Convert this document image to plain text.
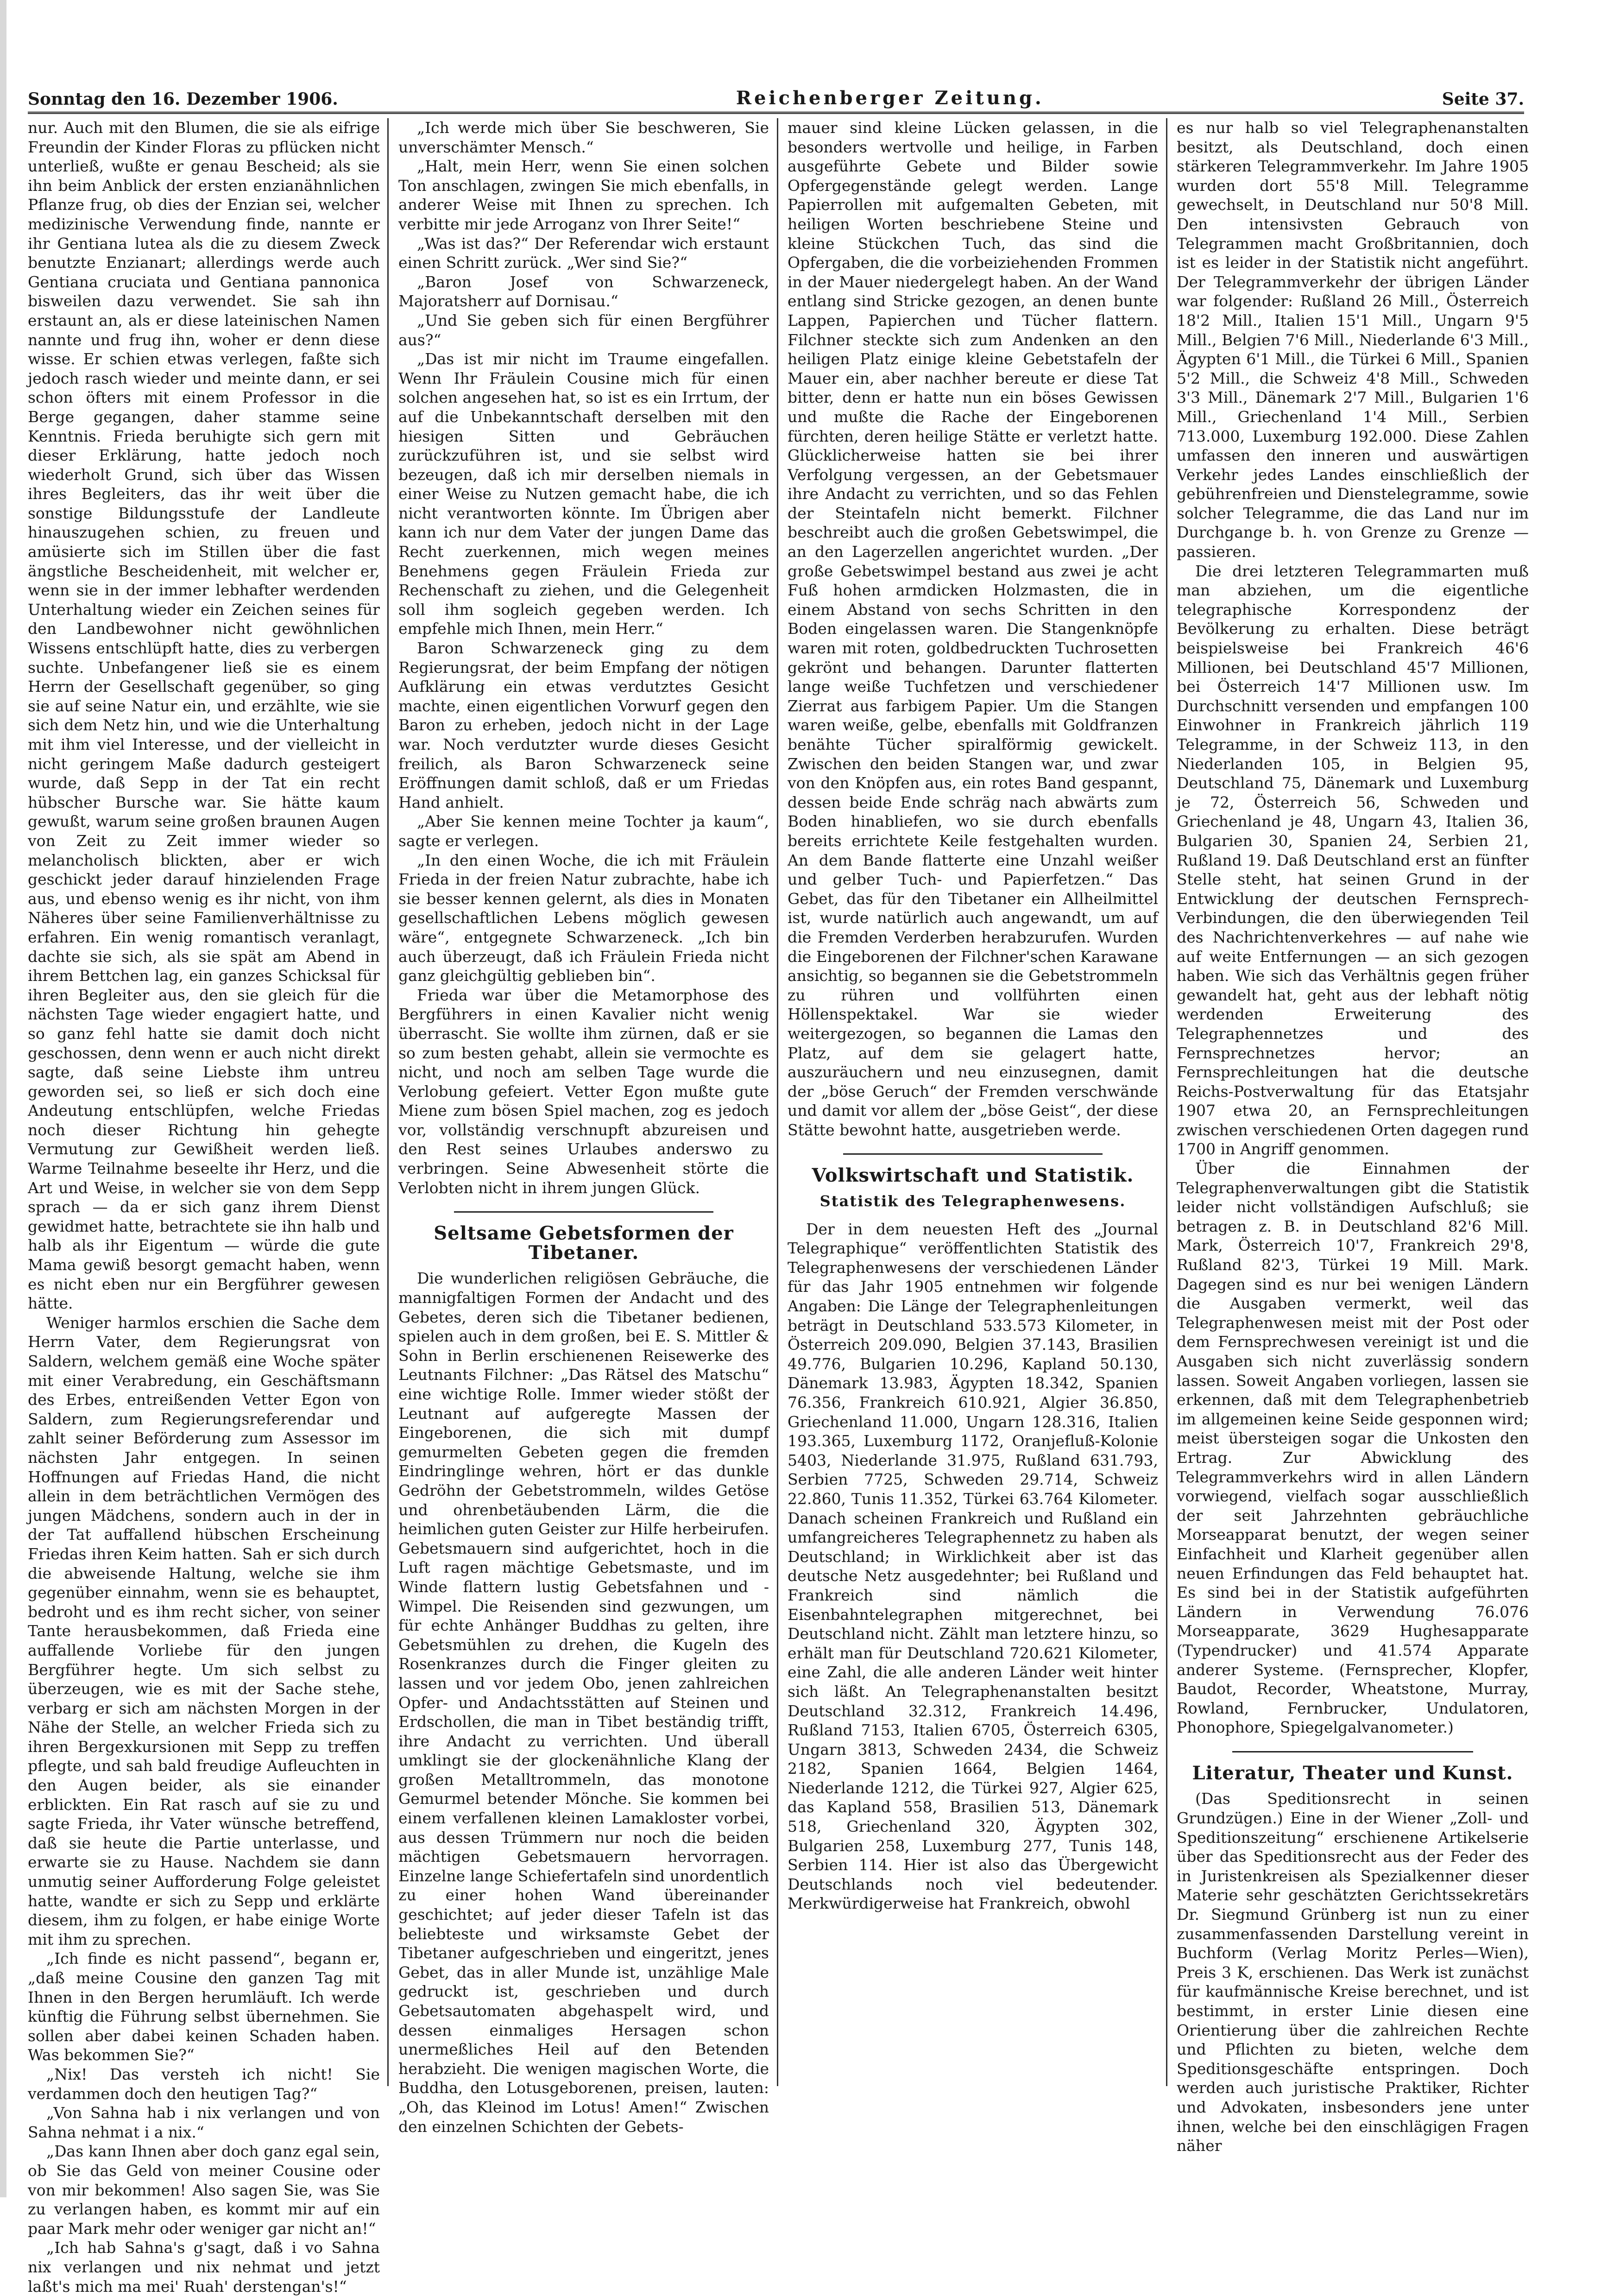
Sonntag den 16. Dezember 1906.	Reichenberger Zeitung.	Seite 37.

nur. Auch mit den Blumen, die sie als eifrige Freundin der Kinder Floras zu pflücken nicht unterließ, wußte er genau Bescheid; als sie ihn beim Anblick der ersten enzianähnlichen Pflanze frug, ob dies der Enzian sei, welcher medizinische Verwendung finde, nannte er ihr Gentiana lutea als die zu diesem Zweck benutzte Enzianart; allerdings werde auch Gentiana cruciata und Gentiana pannonica bisweilen dazu verwendet. Sie sah ihn erstaunt an, als er diese lateinischen Namen nannte und frug ihn, woher er denn diese wisse. Er schien etwas verlegen, faßte sich jedoch rasch wieder und meinte dann, er sei schon öfters mit einem Professor in die Berge gegangen, daher stamme seine Kenntnis. Frieda beruhigte sich gern mit dieser Erklärung, hatte jedoch noch wiederholt Grund, sich über das Wissen ihres Begleiters, das ihr weit über die sonstige Bildungsstufe der Landleute hinauszugehen schien, zu freuen und amüsierte sich im Stillen über die fast ängstliche Bescheidenheit, mit welcher er, wenn sie in der immer lebhafter werdenden Unterhaltung wieder ein Zeichen seines für den Landbewohner nicht gewöhnlichen Wissens entschlüpft hatte, dies zu verbergen suchte. Unbefangener ließ sie es einem Herrn der Gesellschaft gegenüber, so ging sie auf seine Natur ein, und erzählte, wie sie sich dem Netz hin, und wie die Unterhaltung mit ihm viel Interesse, und der vielleicht in nicht geringem Maße dadurch gesteigert wurde, daß Sepp in der Tat ein recht hübscher Bursche war. Sie hätte kaum gewußt, warum seine großen braunen Augen von Zeit zu Zeit immer wieder so melancholisch blickten, aber er wich geschickt jeder darauf hinzielenden Frage aus, und ebenso wenig es ihr nicht, von ihm Näheres über seine Familienverhältnisse zu erfahren. Ein wenig romantisch veranlagt, dachte sie sich, als sie spät am Abend in ihrem Bettchen lag, ein ganzes Schicksal für ihren Begleiter aus, den sie gleich für die nächsten Tage wieder engagiert hatte, und so ganz fehl hatte sie damit doch nicht geschossen, denn wenn er auch nicht direkt sagte, daß seine Liebste ihm untreu geworden sei, so ließ er sich doch eine Andeutung entschlüpfen, welche Friedas noch dieser Richtung hin gehegte Vermutung zur Gewißheit werden ließ. Warme Teilnahme beseelte ihr Herz, und die Art und Weise, in welcher sie von dem Sepp sprach — da er sich ganz ihrem Dienst gewidmet hatte, betrachtete sie ihn halb und halb als ihr Eigentum — würde die gute Mama gewiß besorgt gemacht haben, wenn es nicht eben nur ein Bergführer gewesen hätte.

Weniger harmlos erschien die Sache dem Herrn Vater, dem Regierungsrat von Saldern, welchem gemäß eine Woche später mit einer Verabredung, ein Geschäftsmann des Erbes, entreißenden Vetter Egon von Saldern, zum Regierungsreferendar und zahlt seiner Beförderung zum Assessor im nächsten Jahr entgegen. In seinen Hoffnungen auf Friedas Hand, die nicht allein in dem beträchtlichen Vermögen des jungen Mädchens, sondern auch in der in der Tat auffallend hübschen Erscheinung Friedas ihren Keim hatten. Sah er sich durch die abweisende Haltung, welche sie ihm gegenüber einnahm, wenn sie es behauptet, bedroht und es ihm recht sicher, von seiner Tante herausbekommen, daß Frieda eine auffallende Vorliebe für den jungen Bergführer hegte. Um sich selbst zu überzeugen, wie es mit der Sache stehe, verbarg er sich am nächsten Morgen in der Nähe der Stelle, an welcher Frieda sich zu ihren Bergexkursionen mit Sepp zu treffen pflegte, und sah bald freudige Aufleuchten in den Augen beider, als sie einander erblickten. Ein Rat rasch auf sie zu und sagte Frieda, ihr Vater wünsche betreffend, daß sie heute die Partie unterlasse, und erwarte sie zu Hause. Nachdem sie dann unmutig seiner Aufforderung Folge geleistet hatte, wandte er sich zu Sepp und erklärte diesem, ihm zu folgen, er habe einige Worte mit ihm zu sprechen.

„Ich finde es nicht passend“, begann er, „daß meine Cousine den ganzen Tag mit Ihnen in den Bergen herumläuft. Ich werde künftig die Führung selbst übernehmen. Sie sollen aber dabei keinen Schaden haben. Was bekommen Sie?“

„Nix! Das versteh ich nicht! Sie verdammen doch den heutigen Tag?“

„Von Sahna hab i nix verlangen und von Sahna nehmat i a nix.“

„Das kann Ihnen aber doch ganz egal sein, ob Sie das Geld von meiner Cousine oder von mir bekommen! Also sagen Sie, was Sie zu verlangen haben, es kommt mir auf ein paar Mark mehr oder weniger gar nicht an!“

„Ich hab Sahna's g'sagt, daß i vo Sahna nix verlangen und nix nehmat und jetzt laßt's mich ma mei' Ruah' derstengan's!“

„Ich werde mich über Sie beschweren, Sie unverschämter Mensch.“

„Halt, mein Herr, wenn Sie einen solchen Ton anschlagen, zwingen Sie mich ebenfalls, in anderer Weise mit Ihnen zu sprechen. Ich verbitte mir jede Arroganz von Ihrer Seite!“

„Was ist das?“ Der Referendar wich erstaunt einen Schritt zurück. „Wer sind Sie?“

„Baron Josef von Schwarzeneck, Majoratsherr auf Dornisau.“

„Und Sie geben sich für einen Bergführer aus?“

„Das ist mir nicht im Traume eingefallen. Wenn Ihr Fräulein Cousine mich für einen solchen angesehen hat, so ist es ein Irrtum, der auf die Unbekanntschaft derselben mit den hiesigen Sitten und Gebräuchen zurückzuführen ist, und sie selbst wird bezeugen, daß ich mir derselben niemals in einer Weise zu Nutzen gemacht habe, die ich nicht verantworten könnte. Im Übrigen aber kann ich nur dem Vater der jungen Dame das Recht zuerkennen, mich wegen meines Benehmens gegen Fräulein Frieda zur Rechenschaft zu ziehen, und die Gelegenheit soll ihm sogleich gegeben werden. Ich empfehle mich Ihnen, mein Herr.“

Baron Schwarzeneck ging zu dem Regierungsrat, der beim Empfang der nötigen Aufklärung ein etwas verdutztes Gesicht machte, einen eigentlichen Vorwurf gegen den Baron zu erheben, jedoch nicht in der Lage war. Noch verdutzter wurde dieses Gesicht freilich, als Baron Schwarzeneck seine Eröffnungen damit schloß, daß er um Friedas Hand anhielt.

„Aber Sie kennen meine Tochter ja kaum“, sagte er verlegen.

„In den einen Woche, die ich mit Fräulein Frieda in der freien Natur zubrachte, habe ich sie besser kennen gelernt, als dies in Monaten gesellschaftlichen Lebens möglich gewesen wäre“, entgegnete Schwarzeneck. „Ich bin auch überzeugt, daß ich Fräulein Frieda nicht ganz gleichgültig geblieben bin“.

Frieda war über die Metamorphose des Bergführers in einen Kavalier nicht wenig überrascht. Sie wollte ihm zürnen, daß er sie so zum besten gehabt, allein sie vermochte es nicht, und noch am selben Tage wurde die Verlobung gefeiert. Vetter Egon mußte gute Miene zum bösen Spiel machen, zog es jedoch vor, vollständig verschnupft abzureisen und den Rest seines Urlaubes anderswo zu verbringen. Seine Abwesenheit störte die Verlobten nicht in ihrem jungen Glück.

Seltsame Gebetsformen der Tibetaner.

Die wunderlichen religiösen Gebräuche, die mannigfaltigen Formen der Andacht und des Gebetes, deren sich die Tibetaner bedienen, spielen auch in dem großen, bei E. S. Mittler & Sohn in Berlin erschienenen Reisewerke des Leutnants Filchner: „Das Rätsel des Matschu“ eine wichtige Rolle. Immer wieder stößt der Leutnant auf aufgeregte Massen der Eingeborenen, die sich mit dumpf gemurmelten Gebeten gegen die fremden Eindringlinge wehren, hört er das dunkle Gedröhn der Gebetstrommeln, wildes Getöse und ohrenbetäubenden Lärm, die die heimlichen guten Geister zur Hilfe herbeirufen. Gebetsmauern sind aufgerichtet, hoch in die Luft ragen mächtige Gebetsmaste, und im Winde flattern lustig Gebetsfahnen und -Wimpel. Die Reisenden sind gezwungen, um für echte Anhänger Buddhas zu gelten, ihre Gebetsmühlen zu drehen, die Kugeln des Rosenkranzes durch die Finger gleiten zu lassen und vor jedem Obo, jenen zahlreichen Opfer- und Andachtsstätten auf Steinen und Erdschollen, die man in Tibet beständig trifft, ihre Andacht zu verrichten. Und überall umklingt sie der glockenähnliche Klang der großen Metalltrommeln, das monotone Gemurmel betender Mönche. Sie kommen bei einem verfallenen kleinen Lamakloster vorbei, aus dessen Trümmern nur noch die beiden mächtigen Gebetsmauern hervorragen. Einzelne lange Schiefertafeln sind unordentlich zu einer hohen Wand übereinander geschichtet; auf jeder dieser Tafeln ist das beliebteste und wirksamste Gebet der Tibetaner aufgeschrieben und eingeritzt, jenes Gebet, das in aller Munde ist, unzählige Male gedruckt ist, geschrieben und durch Gebetsautomaten abgehaspelt wird, und dessen einmaliges Hersagen schon unermeßliches Heil auf den Betenden herabzieht. Die wenigen magischen Worte, die Buddha, den Lotusgeborenen, preisen, lauten: „Oh, das Kleinod im Lotus! Amen!“ Zwischen den einzelnen Schichten der Gebets-

mauer sind kleine Lücken gelassen, in die besonders wertvolle und heilige, in Farben ausgeführte Gebete und Bilder sowie Opfergegenstände gelegt werden. Lange Papierrollen mit aufgemalten Gebeten, mit heiligen Worten beschriebene Steine und kleine Stückchen Tuch, das sind die Opfergaben, die die vorbeiziehenden Frommen in der Mauer niedergelegt haben. An der Wand entlang sind Stricke gezogen, an denen bunte Lappen, Papierchen und Tücher flattern. Filchner steckte sich zum Andenken an den heiligen Platz einige kleine Gebetstafeln der Mauer ein, aber nachher bereute er diese Tat bitter, denn er hatte nun ein böses Gewissen und mußte die Rache der Eingeborenen fürchten, deren heilige Stätte er verletzt hatte. Glücklicherweise hatten sie bei ihrer Verfolgung vergessen, an der Gebetsmauer ihre Andacht zu verrichten, und so das Fehlen der Steintafeln nicht bemerkt. Filchner beschreibt auch die großen Gebetswimpel, die an den Lagerzellen angerichtet wurden. „Der große Gebetswimpel bestand aus zwei je acht Fuß hohen armdicken Holzmasten, die in einem Abstand von sechs Schritten in den Boden eingelassen waren. Die Stangenknöpfe waren mit roten, goldbedruckten Tuchrosetten gekrönt und behangen. Darunter flatterten lange weiße Tuchfetzen und verschiedener Zierrat aus farbigem Papier. Um die Stangen waren weiße, gelbe, ebenfalls mit Goldfranzen benähte Tücher spiralförmig gewickelt. Zwischen den beiden Stangen war, und zwar von den Knöpfen aus, ein rotes Band gespannt, dessen beide Ende schräg nach abwärts zum Boden hinabliefen, wo sie durch ebenfalls bereits errichtete Keile festgehalten wurden. An dem Bande flatterte eine Unzahl weißer und gelber Tuch- und Papierfetzen.“ Das Gebet, das für den Tibetaner ein Allheilmittel ist, wurde natürlich auch angewandt, um auf die Fremden Verderben herabzurufen. Wurden die Eingeborenen der Filchner'schen Karawane ansichtig, so begannen sie die Gebetstrommeln zu rühren und vollführten einen Höllenspektakel. War sie wieder weitergezogen, so begannen die Lamas den Platz, auf dem sie gelagert hatte, auszuräuchern und neu einzusegnen, damit der „böse Geruch“ der Fremden verschwände und damit vor allem der „böse Geist“, der diese Stätte bewohnt hatte, ausgetrieben werde.

Volkswirtschaft und Statistik.
Statistik des Telegraphenwesens.

Der in dem neuesten Heft des „Journal Telegraphique“ veröffentlichten Statistik des Telegraphenwesens der verschiedenen Länder für das Jahr 1905 entnehmen wir folgende Angaben: Die Länge der Telegraphenleitungen beträgt in Deutschland 533.573 Kilometer, in Österreich 209.090, Belgien 37.143, Brasilien 49.776, Bulgarien 10.296, Kapland 50.130, Dänemark 13.983, Ägypten 18.342, Spanien 76.356, Frankreich 610.921, Algier 36.850, Griechenland 11.000, Ungarn 128.316, Italien 193.365, Luxemburg 1172, Oranjefluß-Kolonie 5403, Niederlande 31.975, Rußland 631.793, Serbien 7725, Schweden 29.714, Schweiz 22.860, Tunis 11.352, Türkei 63.764 Kilometer. Danach scheinen Frankreich und Rußland ein umfangreicheres Telegraphennetz zu haben als Deutschland; in Wirklichkeit aber ist das deutsche Netz ausgedehnter; bei Rußland und Frankreich sind nämlich die Eisenbahntelegraphen mitgerechnet, bei Deutschland nicht. Zählt man letztere hinzu, so erhält man für Deutschland 720.621 Kilometer, eine Zahl, die alle anderen Länder weit hinter sich läßt. An Telegraphenanstalten besitzt Deutschland 32.312, Frankreich 14.496, Rußland 7153, Italien 6705, Österreich 6305, Ungarn 3813, Schweden 2434, die Schweiz 2182, Spanien 1664, Belgien 1464, Niederlande 1212, die Türkei 927, Algier 625, das Kapland 558, Brasilien 513, Dänemark 518, Griechenland 320, Ägypten 302, Bulgarien 258, Luxemburg 277, Tunis 148, Serbien 114. Hier ist also das Übergewicht Deutschlands noch viel bedeutender. Merkwürdigerweise hat Frankreich, obwohl

es nur halb so viel Telegraphenanstalten besitzt, als Deutschland, doch einen stärkeren Telegrammverkehr. Im Jahre 1905 wurden dort 55'8 Mill. Telegramme gewechselt, in Deutschland nur 50'8 Mill. Den intensivsten Gebrauch von Telegrammen macht Großbritannien, doch ist es leider in der Statistik nicht angeführt. Der Telegrammverkehr der übrigen Länder war folgender: Rußland 26 Mill., Österreich 18'2 Mill., Italien 15'1 Mill., Ungarn 9'5 Mill., Belgien 7'6 Mill., Niederlande 6'3 Mill., Ägypten 6'1 Mill., die Türkei 6 Mill., Spanien 5'2 Mill., die Schweiz 4'8 Mill., Schweden 3'3 Mill., Dänemark 2'7 Mill., Bulgarien 1'6 Mill., Griechenland 1'4 Mill., Serbien 713.000, Luxemburg 192.000. Diese Zahlen umfassen den inneren und auswärtigen Verkehr jedes Landes einschließlich der gebührenfreien und Dienstelegramme, sowie solcher Telegramme, die das Land nur im Durchgange b. h. von Grenze zu Grenze — passieren.

Die drei letzteren Telegrammarten muß man abziehen, um die eigentliche telegraphische Korrespondenz der Bevölkerung zu erhalten. Diese beträgt beispielsweise bei Frankreich 46'6 Millionen, bei Deutschland 45'7 Millionen, bei Österreich 14'7 Millionen usw. Im Durchschnitt versenden und empfangen 100 Einwohner in Frankreich jährlich 119 Telegramme, in der Schweiz 113, in den Niederlanden 105, in Belgien 95, Deutschland 75, Dänemark und Luxemburg je 72, Österreich 56, Schweden und Griechenland je 48, Ungarn 43, Italien 36, Bulgarien 30, Spanien 24, Serbien 21, Rußland 19. Daß Deutschland erst an fünfter Stelle steht, hat seinen Grund in der Entwicklung der deutschen Fernsprech-Verbindungen, die den überwiegenden Teil des Nachrichtenverkehres — auf nahe wie auf weite Entfernungen — an sich gezogen haben. Wie sich das Verhältnis gegen früher gewandelt hat, geht aus der lebhaft nötig werdenden Erweiterung des Telegraphennetzes und des Fernsprechnetzes hervor; an Fernsprechleitungen hat die deutsche Reichs-Postverwaltung für das Etatsjahr 1907 etwa 20, an Fernsprechleitungen zwischen verschiedenen Orten dagegen rund 1700 in Angriff genommen.

Über die Einnahmen der Telegraphenverwaltungen gibt die Statistik leider nicht vollständigen Aufschluß; sie betragen z. B. in Deutschland 82'6 Mill. Mark, Österreich 10'7, Frankreich 29'8, Rußland 82'3, Türkei 19 Mill. Mark. Dagegen sind es nur bei wenigen Ländern die Ausgaben vermerkt, weil das Telegraphenwesen meist mit der Post oder dem Fernsprechwesen vereinigt ist und die Ausgaben sich nicht zuverlässig sondern lassen. Soweit Angaben vorliegen, lassen sie erkennen, daß mit dem Telegraphenbetrieb im allgemeinen keine Seide gesponnen wird; meist übersteigen sogar die Unkosten den Ertrag. Zur Abwicklung des Telegrammverkehrs wird in allen Ländern vorwiegend, vielfach sogar ausschließlich der seit Jahrzehnten gebräuchliche Morseapparat benutzt, der wegen seiner Einfachheit und Klarheit gegenüber allen neuen Erfindungen das Feld behauptet hat. Es sind bei in der Statistik aufgeführten Ländern in Verwendung 76.076 Morseapparate, 3629 Hughesapparate (Typendrucker) und 41.574 Apparate anderer Systeme. (Fernsprecher, Klopfer, Baudot, Recorder, Wheatstone, Murray, Rowland, Fernbrucker, Undulatoren, Phonophore, Spiegelgalvanometer.)

Literatur, Theater und Kunst.

(Das Speditionsrecht in seinen Grundzügen.) Eine in der Wiener „Zoll- und Speditionszeitung“ erschienene Artikelserie über das Speditionsrecht aus der Feder des in Juristenkreisen als Spezialkenner dieser Materie sehr geschätzten Gerichtssekretärs Dr. Siegmund Grünberg ist nun zu einer zusammenfassenden Darstellung vereint in Buchform (Verlag Moritz Perles—Wien), Preis 3 K, erschienen. Das Werk ist zunächst für kaufmännische Kreise berechnet, und ist bestimmt, in erster Linie diesen eine Orientierung über die zahlreichen Rechte und Pflichten zu bieten, welche dem Speditionsgeschäfte entspringen. Doch werden auch juristische Praktiker, Richter und Advokaten, insbesonders jene unter ihnen, welche bei den einschlägigen Fragen näher
